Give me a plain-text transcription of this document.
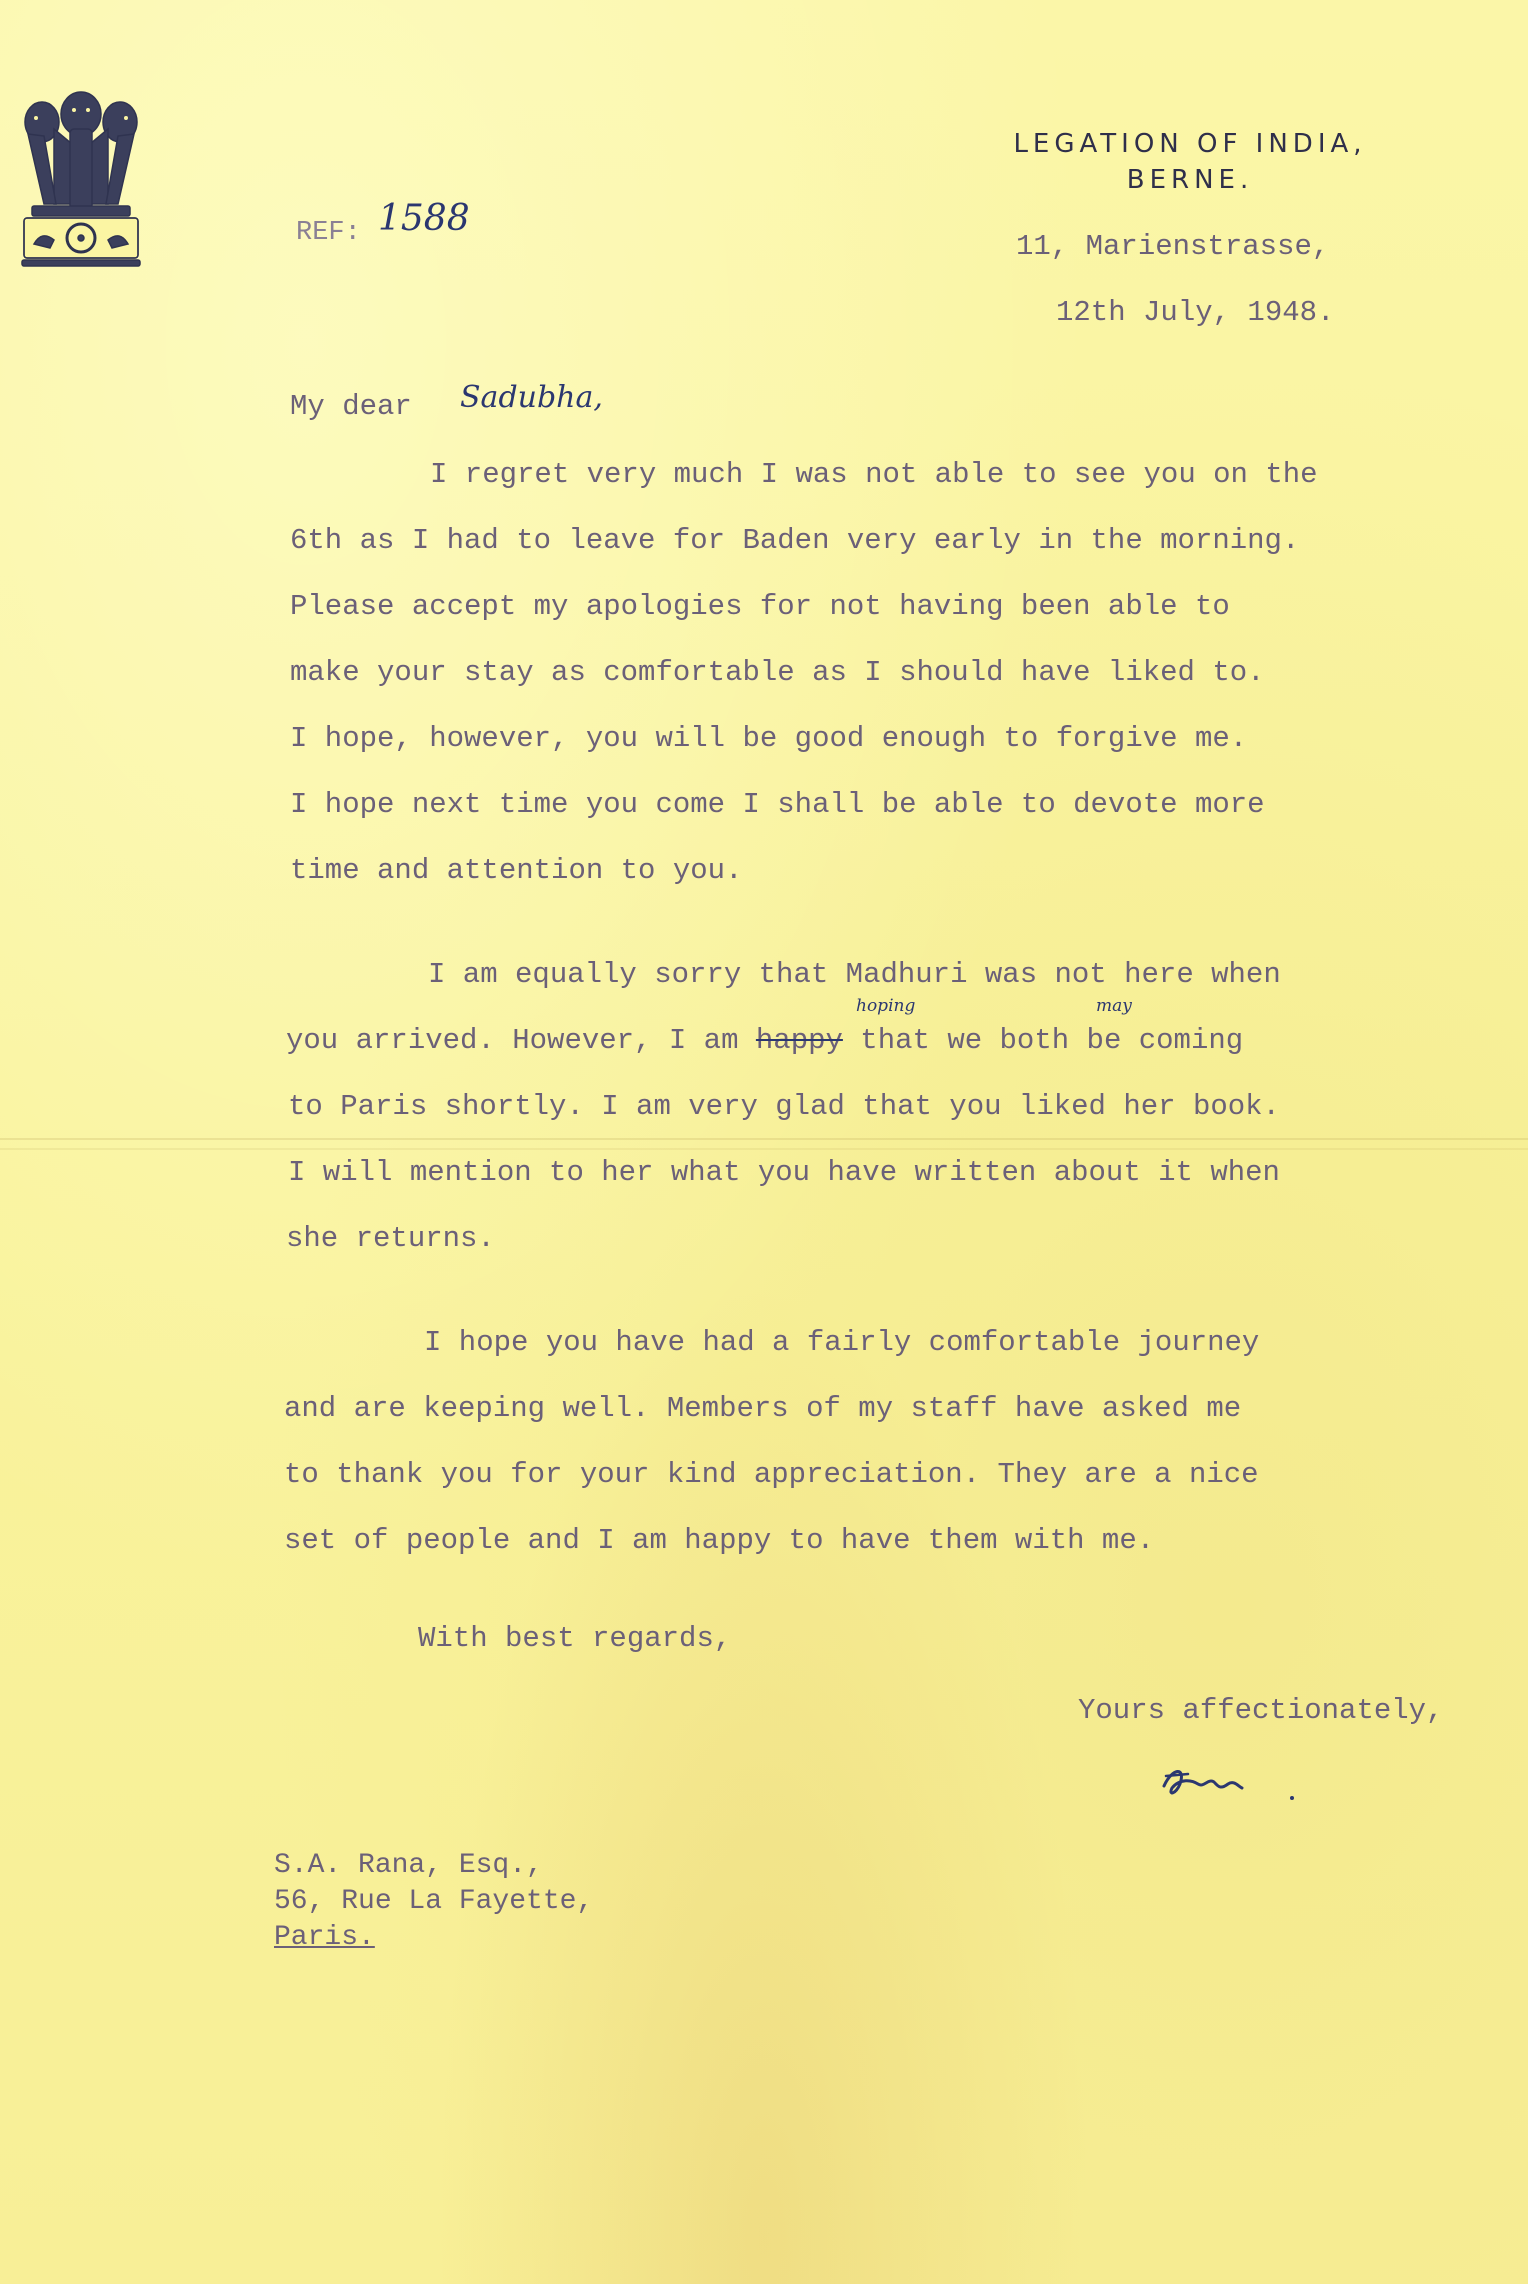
LEGATION OF INDIA,
BERNE.
REF: 1588
11, Marienstrasse,
12th July, 1948.
My dear Sadubha,
I regret very much I was not able to see you on the
6th as I had to leave for Baden very early in the morning.
Please accept my apologies for not having been able to
make your stay as comfortable as I should have liked to.
I hope, however, you will be good enough to forgive me.
I hope next time you come I shall be able to devote more
time and attention to you.
I am equally sorry that Madhuri was not here when
you arrived. However, I am happy that we both be coming
hoping	may
to Paris shortly. I am very glad that you liked her book.
I will mention to her what you have written about it when
she returns.
I hope you have had a fairly comfortable journey
and are keeping well. Members of my staff have asked me
to thank you for your kind appreciation. They are a nice
set of people and I am happy to have them with me.
With best regards,
Yours affectionately,
S.A. Rana, Esq.,
56, Rue La Fayette,
Paris.
